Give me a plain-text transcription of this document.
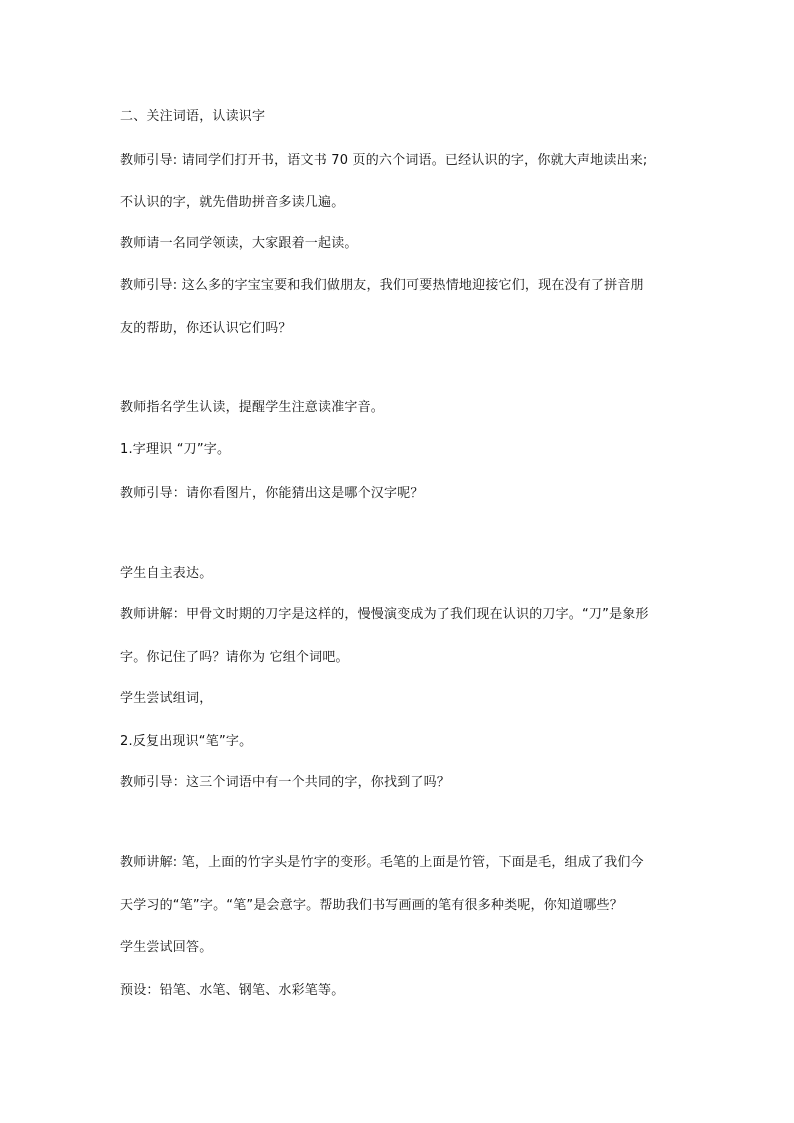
二、关注词语，认读识字
教师引导: 请同学们打开书，语文书 70 页的六个词语。已经认识的字，你就大声地读出来;
不认识的字，就先借助拼音多读几遍。
教师请一名同学领读，大家跟着一起读。
教师引导: 这么多的字宝宝要和我们做朋友，我们可要热情地迎接它们，现在没有了拼音朋
友的帮助，你还认识它们吗？
教师指名学生认读，提醒学生注意读准字音。
1.字理识 “刀”字。
教师引导：请你看图片，你能猜出这是哪个汉字呢？
学生自主表达。
教师讲解：甲骨文时期的刀字是这样的，慢慢演变成为了我们现在认识的刀字。“刀”是象形
字。你记住了吗？请你为 它组个词吧。
学生尝试组词，
2.反复出现识“笔”字。
教师引导：这三个词语中有一个共同的字，你找到了吗？
教师讲解: 笔，上面的竹字头是竹字的变形。毛笔的上面是竹管，下面是毛，组成了我们今
天学习的“笔”字。“笔”是会意字。帮助我们书写画画的笔有很多种类呢，你知道哪些？
学生尝试回答。
预设：铅笔、水笔、钢笔、水彩笔等。
